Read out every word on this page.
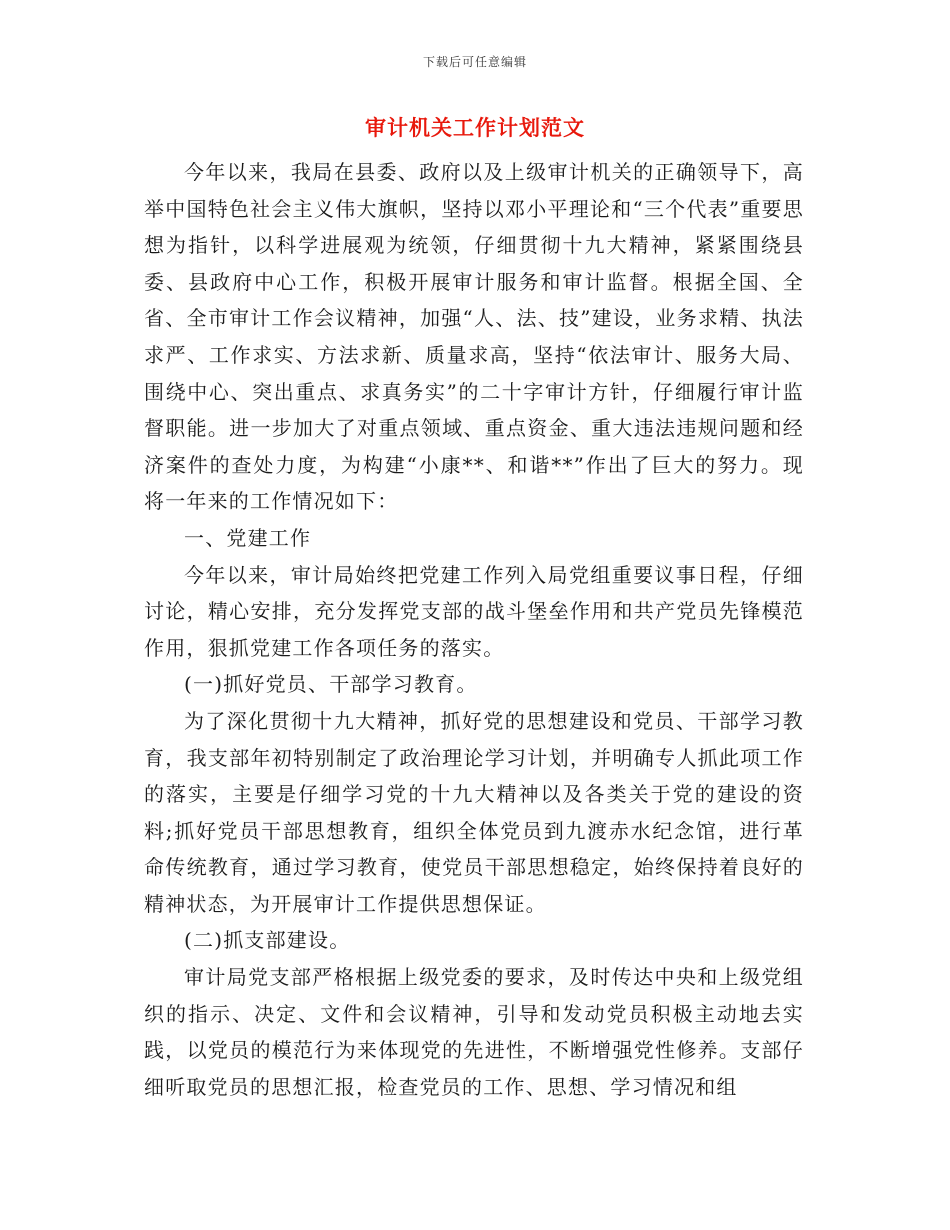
下载后可任意编辑
审计机关工作计划范文

今年以来，我局在县委、政府以及上级审计机关的正确领导下，高举中国特色社会主义伟大旗帜，坚持以邓小平理论和“三个代表”重要思想为指针，以科学进展观为统领，仔细贯彻十九大精神，紧紧围绕县委、县政府中心工作，积极开展审计服务和审计监督。根据全国、全省、全市审计工作会议精神，加强“人、法、技”建设，业务求精、执法求严、工作求实、方法求新、质量求高，坚持“依法审计、服务大局、围绕中心、突出重点、求真务实”的二十字审计方针，仔细履行审计监督职能。进一步加大了对重点领域、重点资金、重大违法违规问题和经济案件的查处力度，为构建“小康**、和谐**”作出了巨大的努力。现将一年来的工作情况如下：

一、党建工作

今年以来，审计局始终把党建工作列入局党组重要议事日程，仔细讨论，精心安排，充分发挥党支部的战斗堡垒作用和共产党员先锋模范作用，狠抓党建工作各项任务的落实。

(一)抓好党员、干部学习教育。

为了深化贯彻十九大精神，抓好党的思想建设和党员、干部学习教育，我支部年初特别制定了政治理论学习计划，并明确专人抓此项工作的落实，主要是仔细学习党的十九大精神以及各类关于党的建设的资料;抓好党员干部思想教育，组织全体党员到九渡赤水纪念馆，进行革命传统教育，通过学习教育，使党员干部思想稳定，始终保持着良好的精神状态，为开展审计工作提供思想保证。

(二)抓支部建设。

审计局党支部严格根据上级党委的要求，及时传达中央和上级党组织的指示、决定、文件和会议精神，引导和发动党员积极主动地去实践，以党员的模范行为来体现党的先进性，不断增强党性修养。支部仔细听取党员的思想汇报，检查党员的工作、思想、学习情况和组
